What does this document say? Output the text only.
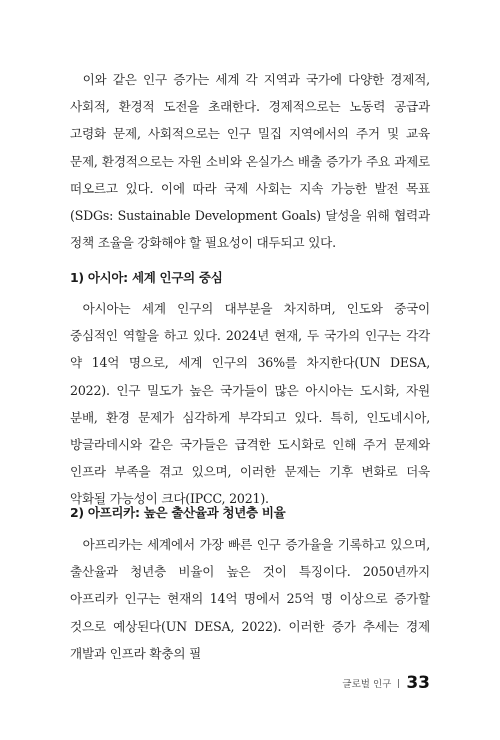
이와 같은 인구 증가는 세계 각 지역과 국가에 다양한 경제적, 사회적, 환경적 도전을 초래한다. 경제적으로는 노동력 공급과 고령화 문제, 사회적으로는 인구 밀집 지역에서의 주거 및 교육 문제, 환경적으로는 자원 소비와 온실가스 배출 증가가 주요 과제로 떠오르고 있다. 이에 따라 국제 사회는 지속 가능한 발전 목표(SDGs: Sustainable Development Goals) 달성을 위해 협력과 정책 조율을 강화해야 할 필요성이 대두되고 있다.

1) 아시아: 세계 인구의 중심

아시아는 세계 인구의 대부분을 차지하며, 인도와 중국이 중심적인 역할을 하고 있다. 2024년 현재, 두 국가의 인구는 각각 약 14억 명으로, 세계 인구의 36%를 차지한다(UN DESA, 2022). 인구 밀도가 높은 국가들이 많은 아시아는 도시화, 자원 분배, 환경 문제가 심각하게 부각되고 있다. 특히, 인도네시아, 방글라데시와 같은 국가들은 급격한 도시화로 인해 주거 문제와 인프라 부족을 겪고 있으며, 이러한 문제는 기후 변화로 더욱 악화될 가능성이 크다(IPCC, 2021).

2) 아프리카: 높은 출산율과 청년층 비율

아프리카는 세계에서 가장 빠른 인구 증가율을 기록하고 있으며, 출산율과 청년층 비율이 높은 것이 특징이다. 2050년까지 아프리카 인구는 현재의 14억 명에서 25억 명 이상으로 증가할 것으로 예상된다(UN DESA, 2022). 이러한 증가 추세는 경제 개발과 인프라 확충의 필

글로벌 인구 33
